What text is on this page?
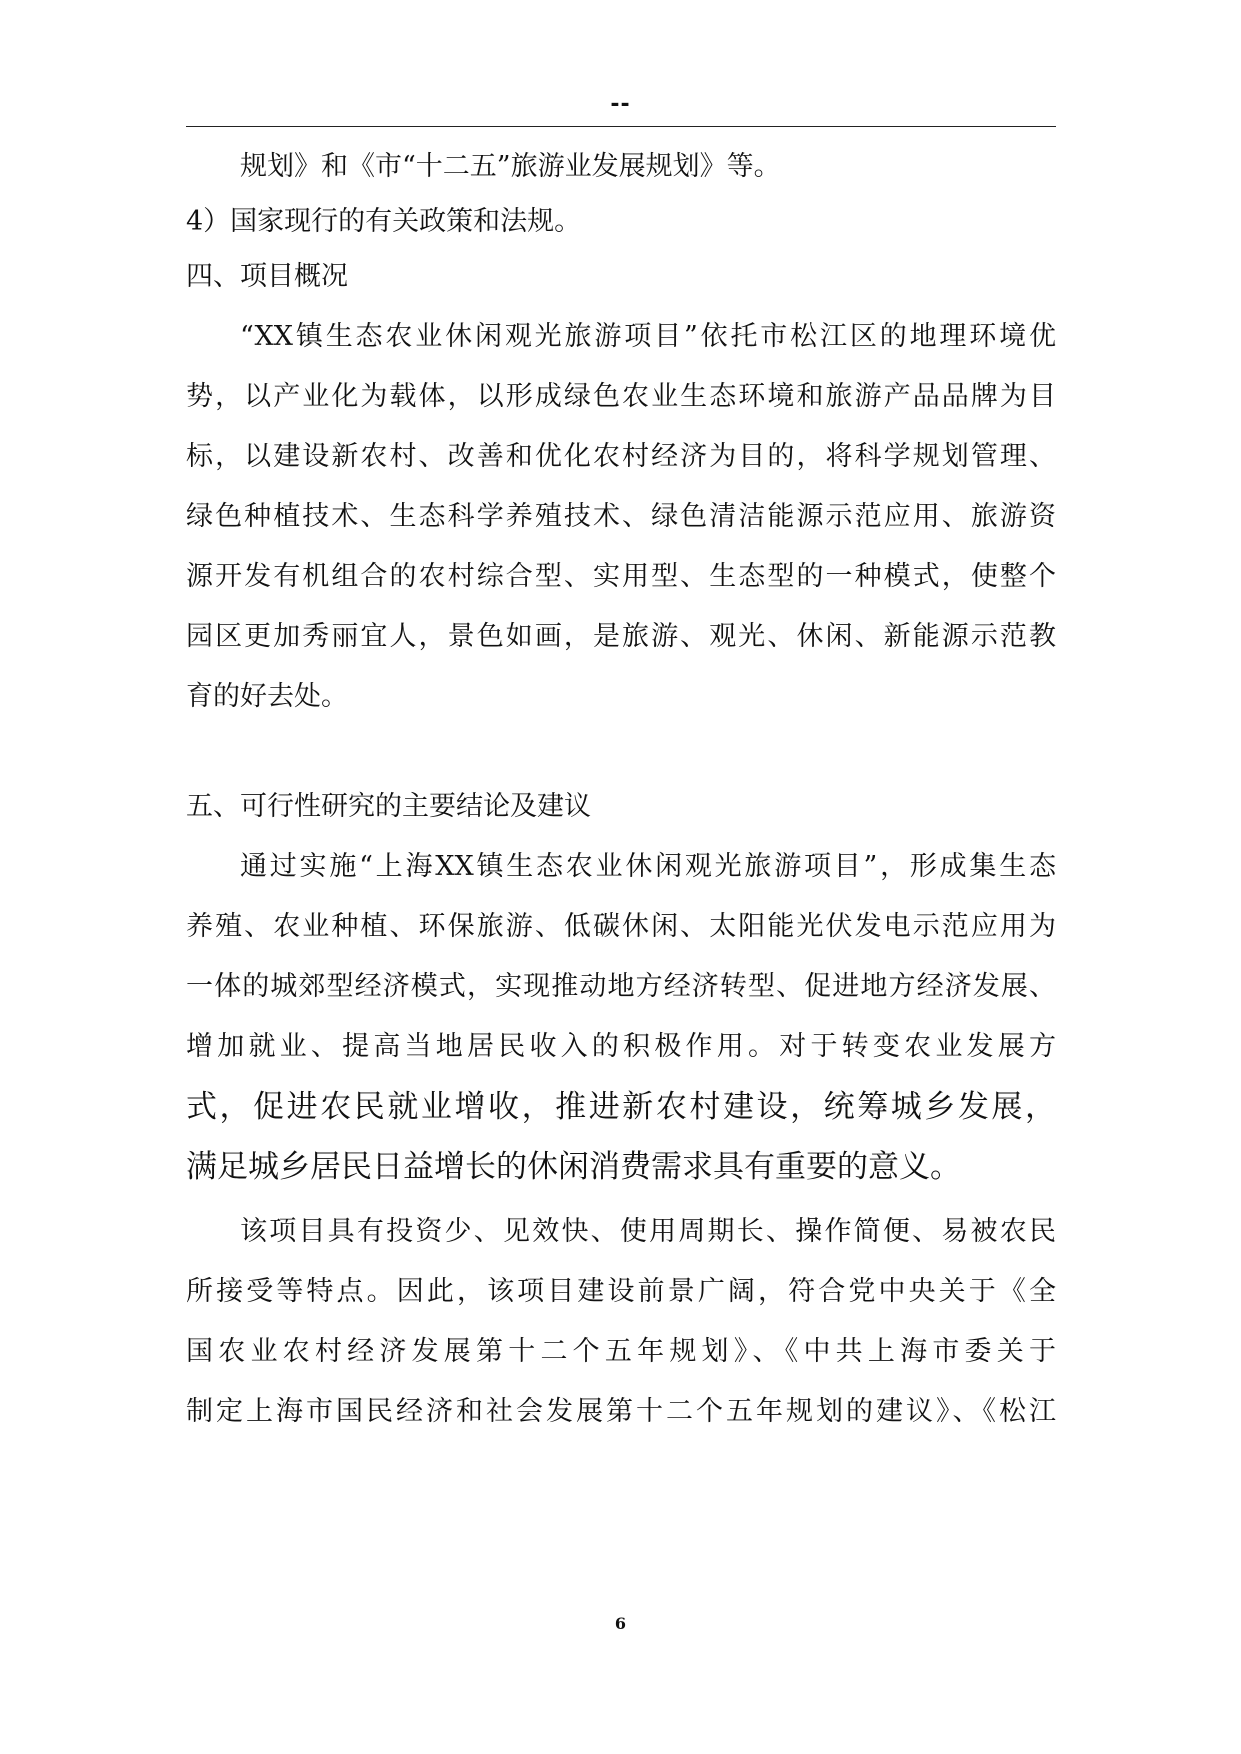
--
规划》和《市“十二五”旅游业发展规划》等。
4）国家现行的有关政策和法规。
四、项目概况
“XX镇生态农业休闲观光旅游项目”依托市松江区的地理环境优
势，以产业化为载体，以形成绿色农业生态环境和旅游产品品牌为目
标，以建设新农村、改善和优化农村经济为目的，将科学规划管理、
绿色种植技术、生态科学养殖技术、绿色清洁能源示范应用、旅游资
源开发有机组合的农村综合型、实用型、生态型的一种模式，使整个
园区更加秀丽宜人，景色如画，是旅游、观光、休闲、新能源示范教
育的好去处。
五、可行性研究的主要结论及建议
通过实施“上海XX镇生态农业休闲观光旅游项目”，形成集生态
养殖、农业种植、环保旅游、低碳休闲、太阳能光伏发电示范应用为
一体的城郊型经济模式，实现推动地方经济转型、促进地方经济发展、
增加就业、提高当地居民收入的积极作用。对于转变农业发展方
式，促进农民就业增收，推进新农村建设，统筹城乡发展，
满足城乡居民日益增长的休闲消费需求具有重要的意义。
该项目具有投资少、见效快、使用周期长、操作简便、易被农民
所接受等特点。因此，该项目建设前景广阔，符合党中央关于《全
国农业农村经济发展第十二个五年规划》、《中共上海市委关于
制定上海市国民经济和社会发展第十二个五年规划的建议》、《松江
6
